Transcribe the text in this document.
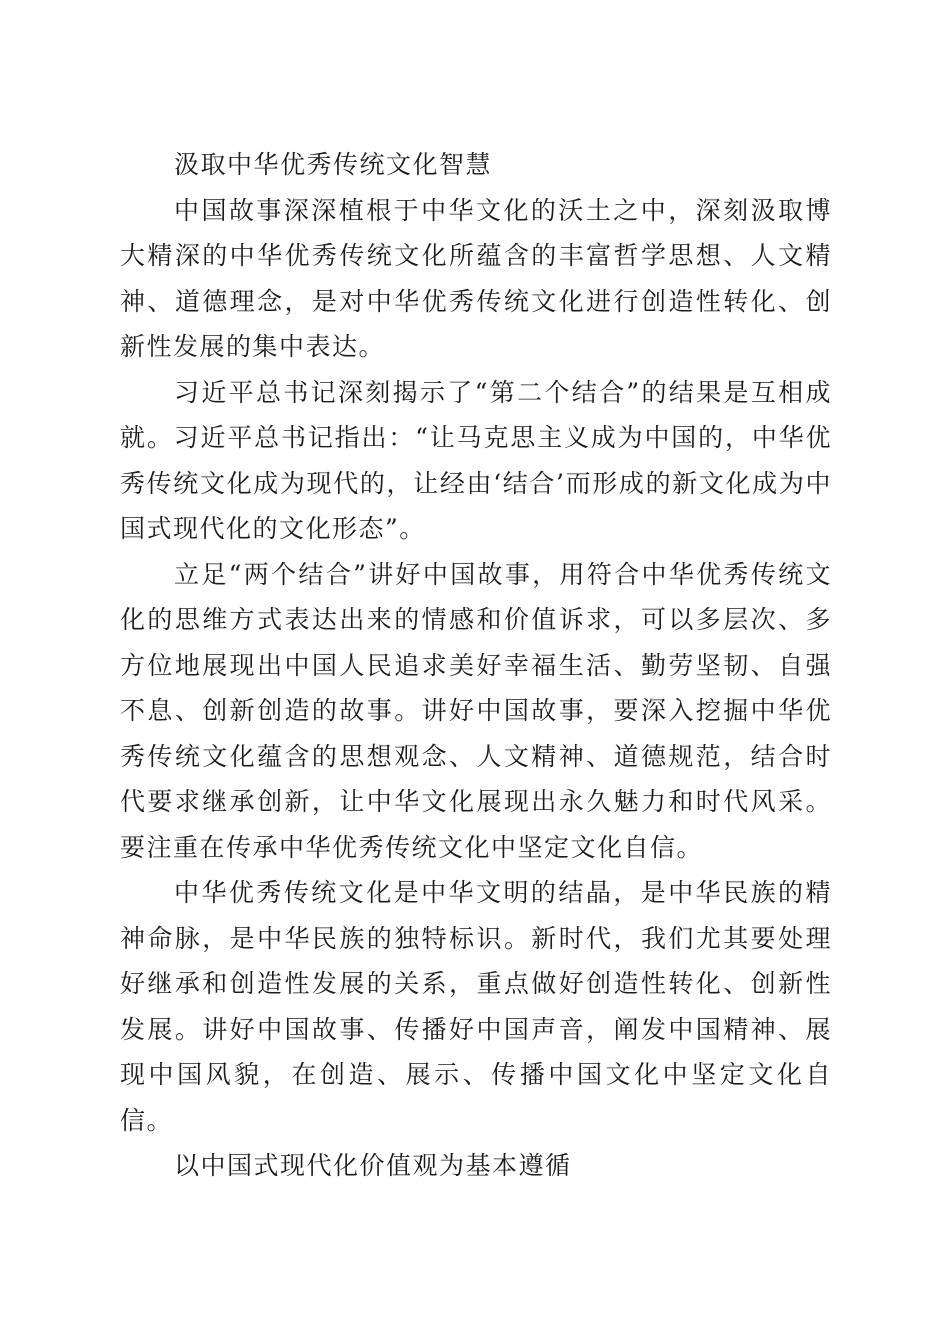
汲取中华优秀传统文化智慧

中国故事深深植根于中华文化的沃土之中，深刻汲取博大精深的中华优秀传统文化所蕴含的丰富哲学思想、人文精神、道德理念，是对中华优秀传统文化进行创造性转化、创新性发展的集中表达。

习近平总书记深刻揭示了“第二个结合”的结果是互相成就。习近平总书记指出：“让马克思主义成为中国的，中华优秀传统文化成为现代的，让经由‘结合’而形成的新文化成为中国式现代化的文化形态”。

立足“两个结合”讲好中国故事，用符合中华优秀传统文化的思维方式表达出来的情感和价值诉求，可以多层次、多方位地展现出中国人民追求美好幸福生活、勤劳坚韧、自强不息、创新创造的故事。讲好中国故事，要深入挖掘中华优秀传统文化蕴含的思想观念、人文精神、道德规范，结合时代要求继承创新，让中华文化展现出永久魅力和时代风采。要注重在传承中华优秀传统文化中坚定文化自信。

中华优秀传统文化是中华文明的结晶，是中华民族的精神命脉，是中华民族的独特标识。新时代，我们尤其要处理好继承和创造性发展的关系，重点做好创造性转化、创新性发展。讲好中国故事、传播好中国声音，阐发中国精神、展现中国风貌，在创造、展示、传播中国文化中坚定文化自信。

以中国式现代化价值观为基本遵循
